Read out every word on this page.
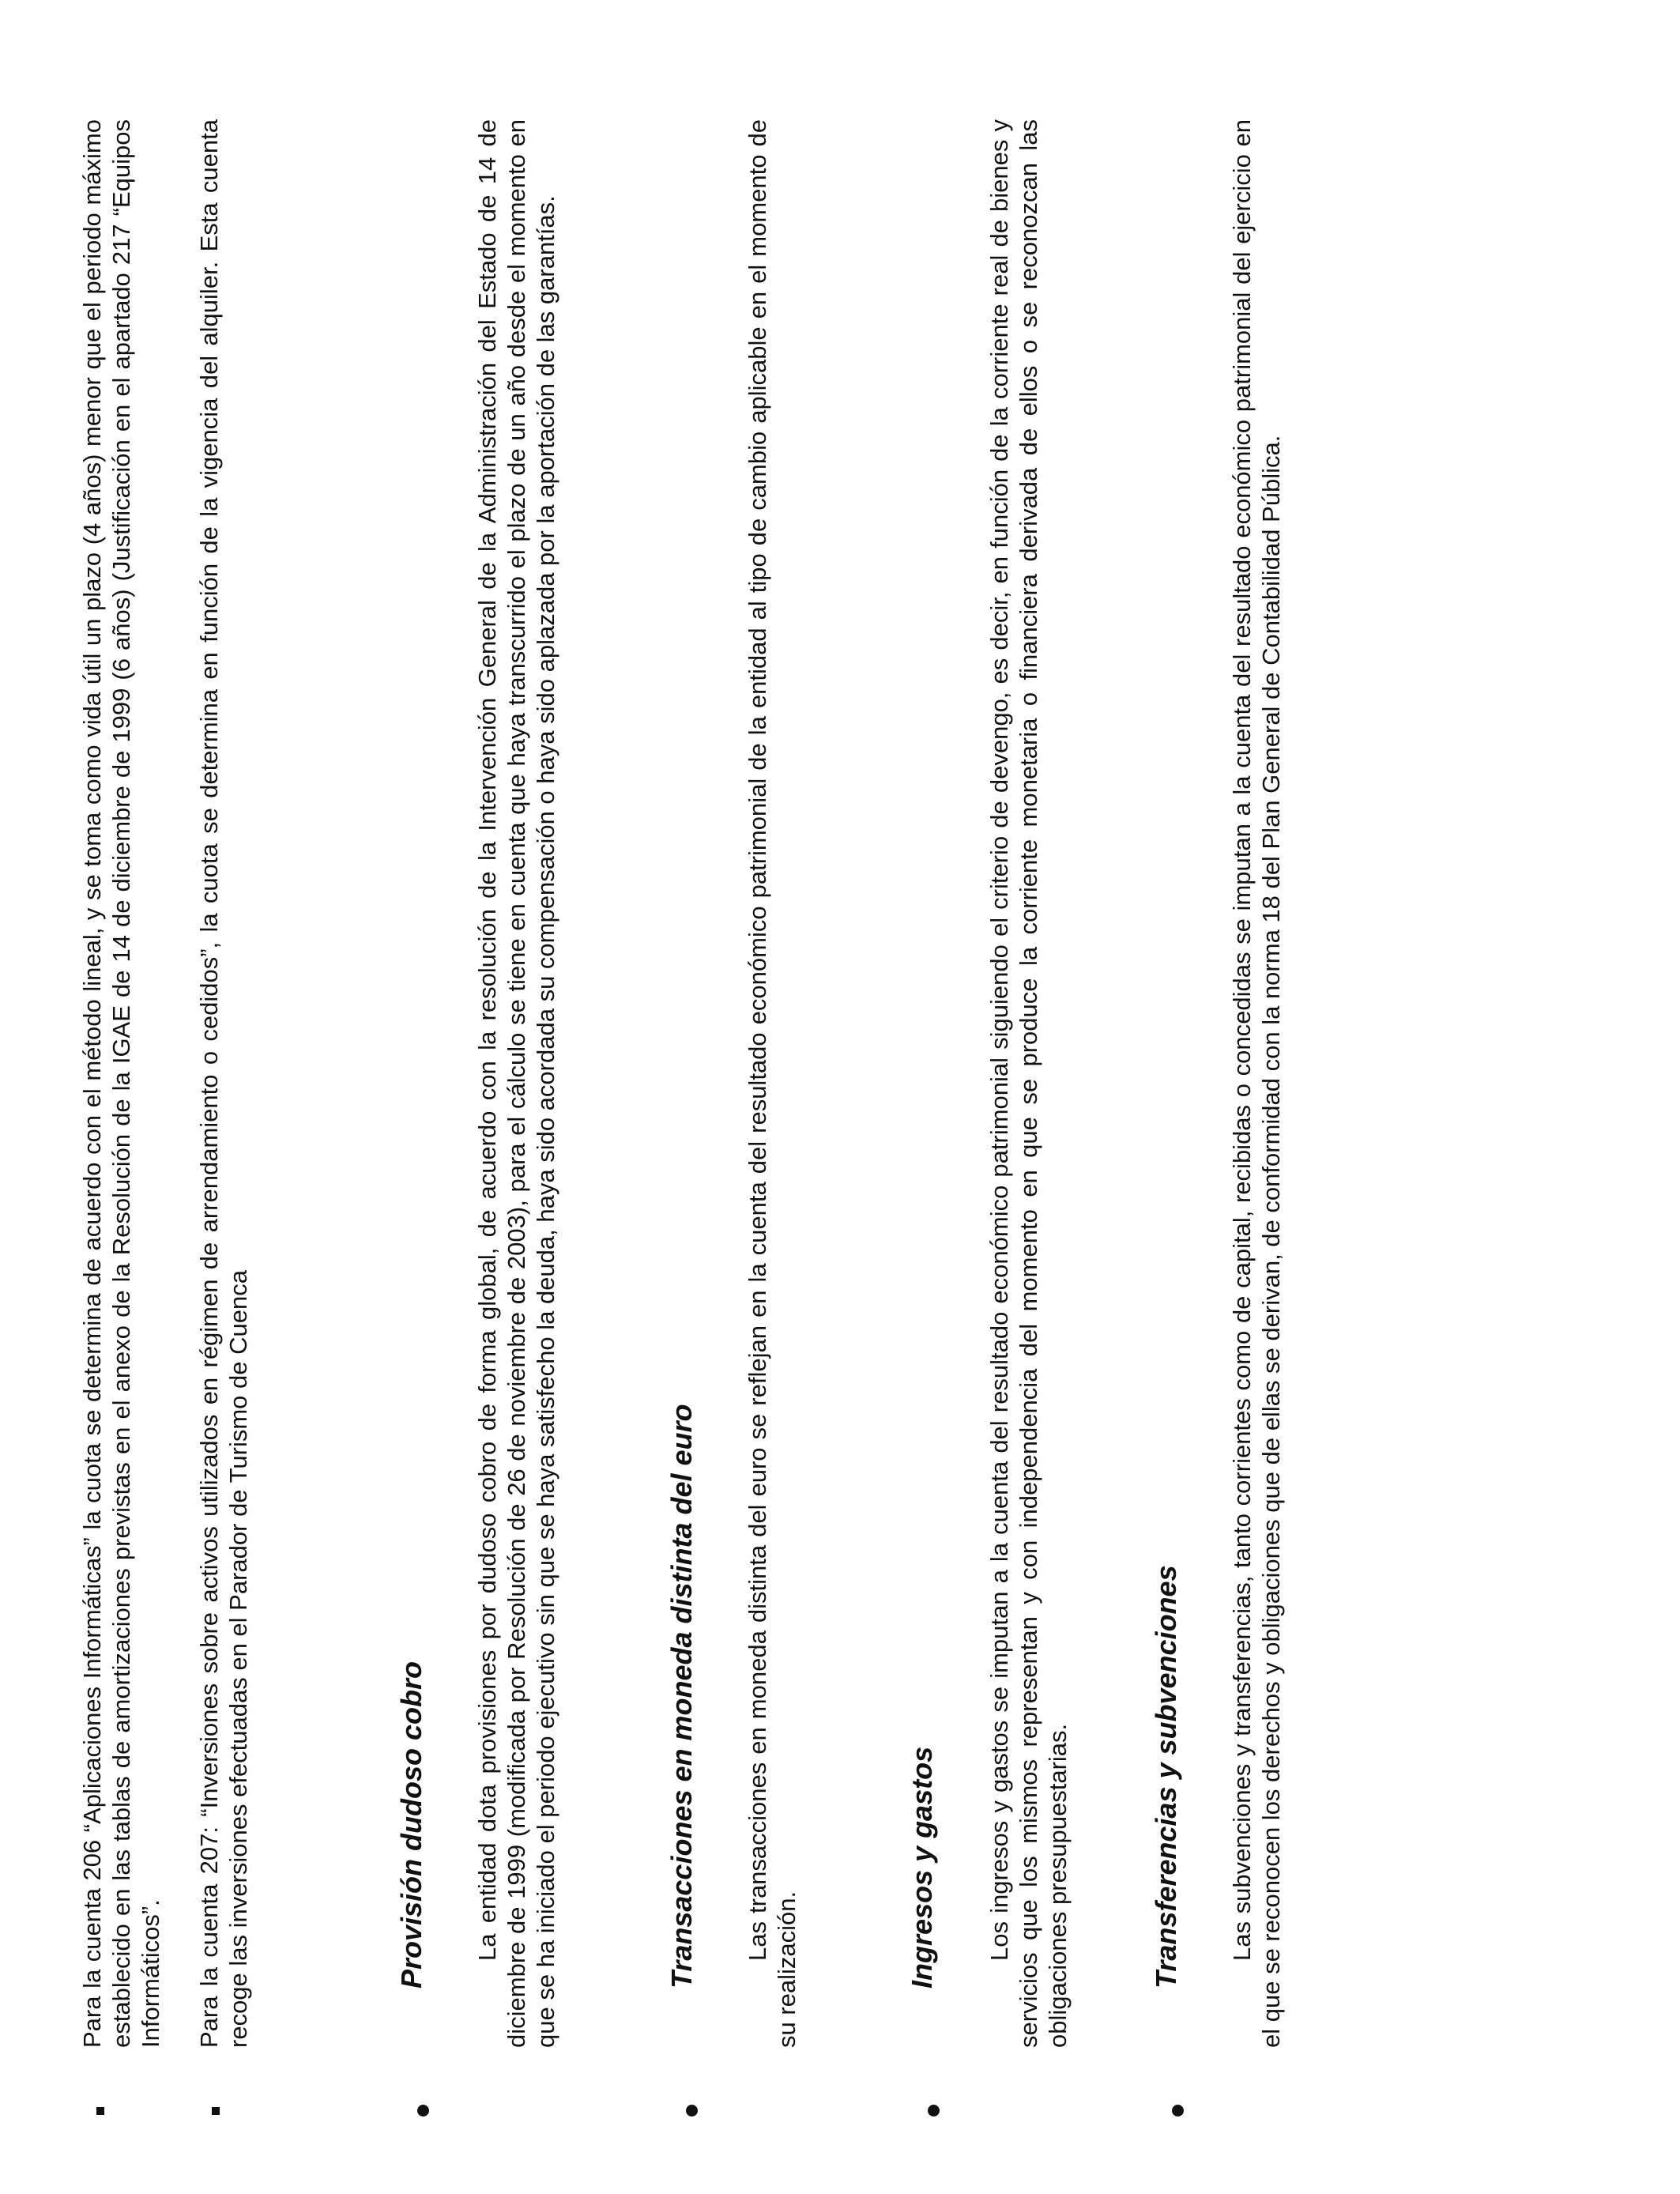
Para la cuenta 206 “Aplicaciones Informáticas” la cuota se determina de acuerdo con el método lineal, y se toma como vida útil un plazo (4 años) menor que el periodo máximo establecido en las tablas de amortizaciones previstas en el anexo de la Resolución de la IGAE de 14 de diciembre de 1999 (6 años) (Justificación en el apartado 217 “Equipos Informáticos”. Para la cuenta 207: “Inversiones sobre activos utilizados en régimen de arrendamiento o cedidos”, la cuota se determina en función de la vigencia del alquiler. Esta cuenta recoge las inversiones efectuadas en el Parador de Turismo de Cuenca	Provisión dudoso cobro La entidad dota provisiones por dudoso cobro de forma global, de acuerdo con la resolución de la Intervención General de la Administración del Estado de 14 de diciembre de 1999 (modificada por Resolución de 26 de noviembre de 2003), para el cálculo se tiene en cuenta que haya transcurrido el plazo de un año desde el momento en que se ha iniciado el periodo ejecutivo sin que se haya satisfecho la deuda, haya sido acordada su compensación o haya sido aplazada por la aportación de las garantías.	Transacciones en moneda distinta del euro Las transacciones en moneda distinta del euro se reflejan en la cuenta del resultado económico patrimonial de la entidad al tipo de cambio aplicable en el momento de su realización.	Ingresos y gastos Los ingresos y gastos se imputan a la cuenta del resultado económico patrimonial siguiendo el criterio de devengo, es decir, en función de la corriente real de bienes y servicios que los mismos representan y con independencia del momento en que se produce la corriente monetaria o financiera derivada de ellos o se reconozcan las obligaciones presupuestarias.	Transferencias y subvenciones Las subvenciones y transferencias, tanto corrientes como de capital, recibidas o concedidas se imputan a la cuenta del resultado económico patrimonial del ejercicio en el que se reconocen los derechos y obligaciones que de ellas se derivan, de conformidad con la norma 18 del Plan General de Contabilidad Pública.
